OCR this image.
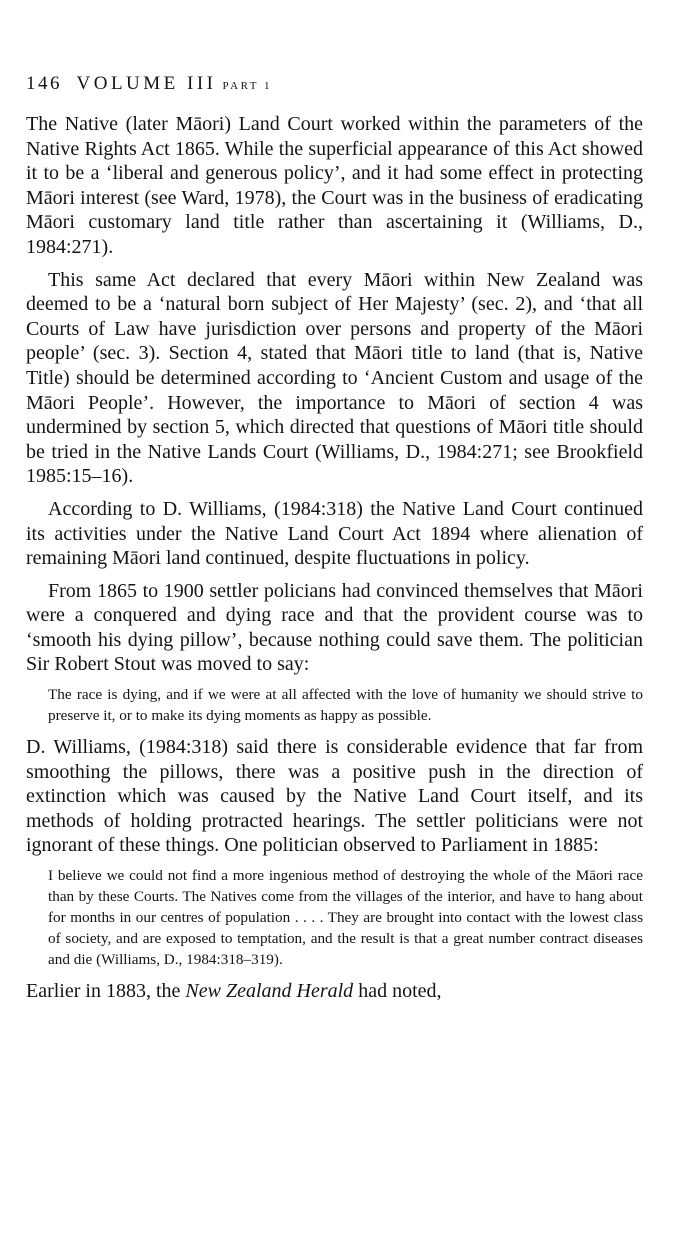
146 VOLUME III PART 1

The Native (later Māori) Land Court worked within the parameters of the Native Rights Act 1865. While the superficial appearance of this Act showed it to be a ‘liberal and generous policy’, and it had some effect in protecting Māori interest (see Ward, 1978), the Court was in the business of eradicating Māori customary land title rather than ascertaining it (Williams, D., 1984:271).

This same Act declared that every Māori within New Zealand was deemed to be a ‘natural born subject of Her Majesty’ (sec. 2), and ‘that all Courts of Law have jurisdiction over persons and property of the Māori people’ (sec. 3). Section 4, stated that Māori title to land (that is, Native Title) should be determined according to ‘Ancient Custom and usage of the Māori People’. However, the importance to Māori of section 4 was undermined by section 5, which directed that questions of Māori title should be tried in the Native Lands Court (Williams, D., 1984:271; see Brookfield 1985:15–16).

According to D. Williams, (1984:318) the Native Land Court continued its activities under the Native Land Court Act 1894 where alienation of remaining Māori land continued, despite fluctuations in policy.

From 1865 to 1900 settler policians had convinced themselves that Māori were a conquered and dying race and that the provident course was to ‘smooth his dying pillow’, because nothing could save them. The politician Sir Robert Stout was moved to say:

The race is dying, and if we were at all affected with the love of humanity we should strive to preserve it, or to make its dying moments as happy as possible.

D. Williams, (1984:318) said there is considerable evidence that far from smoothing the pillows, there was a positive push in the direction of extinction which was caused by the Native Land Court itself, and its methods of holding protracted hearings. The settler politicians were not ignorant of these things. One politician observed to Parliament in 1885:

I believe we could not find a more ingenious method of destroying the whole of the Māori race than by these Courts. The Natives come from the villages of the interior, and have to hang about for months in our centres of population . . . . They are brought into contact with the lowest class of society, and are exposed to temptation, and the result is that a great number contract diseases and die (Williams, D., 1984:318–319).

Earlier in 1883, the New Zealand Herald had noted,
